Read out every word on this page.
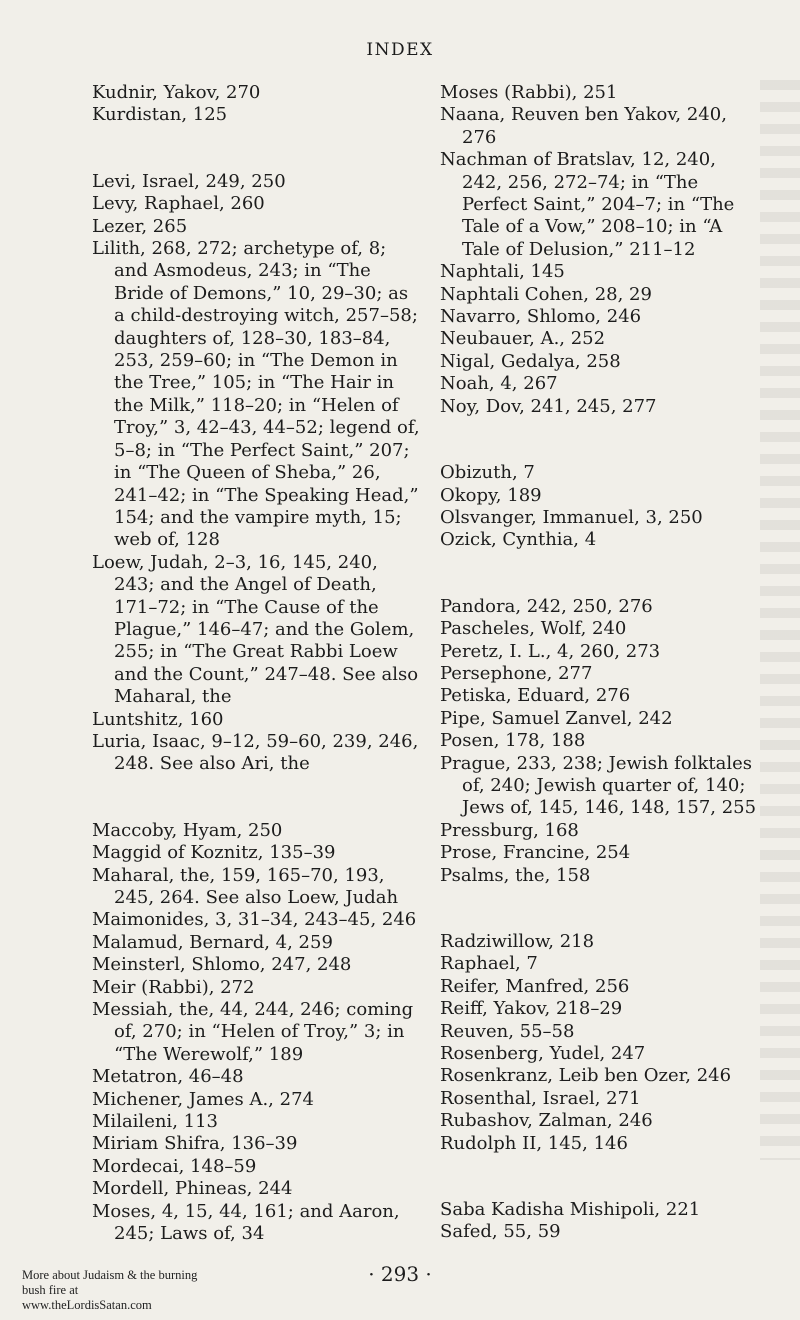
INDEX
Kudnir, Yakov, 270
Kurdistan, 125
Levi, Israel, 249, 250
Levy, Raphael, 260
Lezer, 265
Lilith, 268, 272; archetype of, 8; and Asmodeus, 243; in “The Bride of Demons,” 10, 29–30; as a child-destroying witch, 257–58; daughters of, 128–30, 183–84, 253, 259–60; in “The Demon in the Tree,” 105; in “The Hair in the Milk,” 118–20; in “Helen of Troy,” 3, 42–43, 44–52; legend of, 5–8; in “The Perfect Saint,” 207; in “The Queen of Sheba,” 26, 241–42; in “The Speaking Head,” 154; and the vampire myth, 15; web of, 128
Loew, Judah, 2–3, 16, 145, 240, 243; and the Angel of Death, 171–72; in “The Cause of the Plague,” 146–47; and the Golem, 255; in “The Great Rabbi Loew and the Count,” 247–48. See also Maharal, the
Luntshitz, 160
Luria, Isaac, 9–12, 59–60, 239, 246, 248. See also Ari, the
Maccoby, Hyam, 250
Maggid of Koznitz, 135–39
Maharal, the, 159, 165–70, 193, 245, 264. See also Loew, Judah
Maimonides, 3, 31–34, 243–45, 246
Malamud, Bernard, 4, 259
Meinsterl, Shlomo, 247, 248
Meir (Rabbi), 272
Messiah, the, 44, 244, 246; coming of, 270; in “Helen of Troy,” 3; in “The Werewolf,” 189
Metatron, 46–48
Michener, James A., 274
Milaileni, 113
Miriam Shifra, 136–39
Mordecai, 148–59
Mordell, Phineas, 244
Moses, 4, 15, 44, 161; and Aaron, 245; Laws of, 34
Moses (Rabbi), 251
Naana, Reuven ben Yakov, 240, 276
Nachman of Bratslav, 12, 240, 242, 256, 272–74; in “The Perfect Saint,” 204–7; in “The Tale of a Vow,” 208–10; in “A Tale of Delusion,” 211–12
Naphtali, 145
Naphtali Cohen, 28, 29
Navarro, Shlomo, 246
Neubauer, A., 252
Nigal, Gedalya, 258
Noah, 4, 267
Noy, Dov, 241, 245, 277
Obizuth, 7
Okopy, 189
Olsvanger, Immanuel, 3, 250
Ozick, Cynthia, 4
Pandora, 242, 250, 276
Pascheles, Wolf, 240
Peretz, I. L., 4, 260, 273
Persephone, 277
Petiska, Eduard, 276
Pipe, Samuel Zanvel, 242
Posen, 178, 188
Prague, 233, 238; Jewish folktales of, 240; Jewish quarter of, 140; Jews of, 145, 146, 148, 157, 255
Pressburg, 168
Prose, Francine, 254
Psalms, the, 158
Radziwillow, 218
Raphael, 7
Reifer, Manfred, 256
Reiff, Yakov, 218–29
Reuven, 55–58
Rosenberg, Yudel, 247
Rosenkranz, Leib ben Ozer, 246
Rosenthal, Israel, 271
Rubashov, Zalman, 246
Rudolph II, 145, 146
Saba Kadisha Mishipoli, 221
Safed, 55, 59
· 293 ·
More about Judaism & the burning bush fire at www.theLordisSatan.com
